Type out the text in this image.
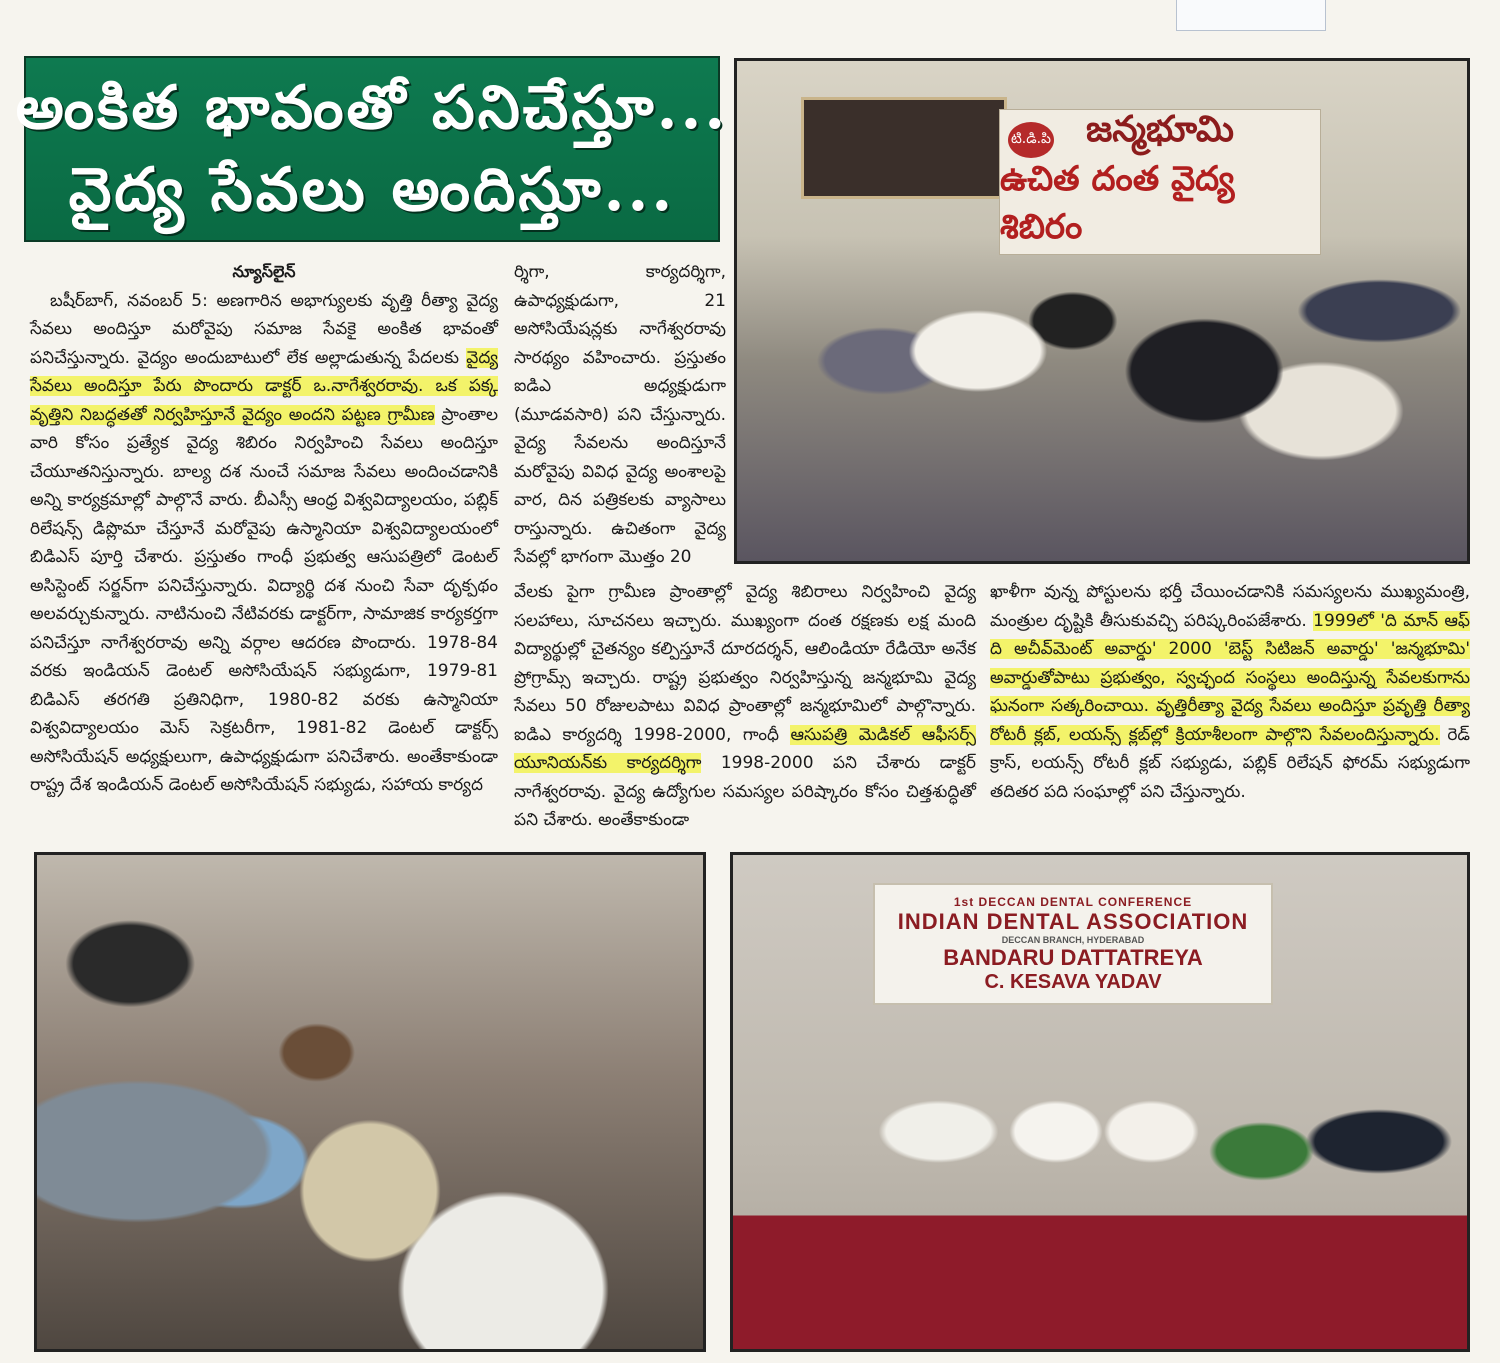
అంకిత భావంతో పనిచేస్తూ...
వైద్య సేవలు అందిస్తూ...
టి.డి.పి జన్మభూమి
ఉచిత దంత వైద్య శిబిరం
న్యూస్‌లైన్
బషీర్‌బాగ్, నవంబర్ 5: అణగారిన అభాగ్యులకు వృత్తి రీత్యా వైద్య సేవలు అందిస్తూ మరోవైపు సమాజ సేవకై అంకిత భావంతో పనిచేస్తున్నారు. వైద్యం అందుబాటులో లేక అల్లాడుతున్న పేదలకు వైద్య సేవలు అందిస్తూ పేరు పొందారు డాక్టర్ ఒ.నాగేశ్వరరావు. ఒక పక్క వృత్తిని నిబద్ధతతో నిర్వహిస్తూనే వైద్యం అందని పట్టణ గ్రామీణ ప్రాంతాల వారి కోసం ప్రత్యేక వైద్య శిబిరం నిర్వహించి సేవలు అందిస్తూ చేయూతనిస్తున్నారు. బాల్య దశ నుంచే సమాజ సేవలు అందించడానికి అన్ని కార్యక్రమాల్లో పాల్గొనే వారు. బీఎస్సీ ఆంధ్ర విశ్వవిద్యాలయం, పబ్లిక్ రిలేషన్స్ డిప్లొమా చేస్తూనే మరోవైపు ఉస్మానియా విశ్వవిద్యాలయంలో బిడిఎస్ పూర్తి చేశారు. ప్రస్తుతం గాంధీ ప్రభుత్వ ఆసుపత్రిలో డెంటల్ అసిస్టెంట్ సర్జన్‌గా పనిచేస్తున్నారు. విద్యార్థి దశ నుంచి సేవా దృక్పథం అలవర్చుకున్నారు. నాటినుంచి నేటివరకు డాక్టర్‌గా, సామాజిక కార్యకర్తగా పనిచేస్తూ నాగేశ్వరరావు అన్ని వర్గాల ఆదరణ పొందారు. 1978-84 వరకు ఇండియన్ డెంటల్ అసోసియేషన్ సభ్యుడుగా, 1979-81 బిడిఎస్ తరగతి ప్రతినిధిగా, 1980-82 వరకు ఉస్మానియా విశ్వవిద్యాలయం మెస్ సెక్రటరీగా, 1981-82 డెంటల్ డాక్టర్స్ అసోసియేషన్ అధ్యక్షులుగా, ఉపాధ్యక్షుడుగా పనిచేశారు. అంతేకాకుండా రాష్ట్ర దేశ ఇండియన్ డెంటల్ అసోసియేషన్ సభ్యుడు, సహాయ కార్యద
ర్శిగా, కార్యదర్శిగా, ఉపాధ్యక్షుడుగా, 21 అసోసియేషన్లకు నాగేశ్వరరావు సారథ్యం వహించారు. ప్రస్తుతం ఐడిఎ అధ్యక్షుడుగా (మూడవసారి) పని చేస్తున్నారు. వైద్య సేవలను అందిస్తూనే మరోవైపు వివిధ వైద్య అంశాలపై వార, దిన పత్రికలకు వ్యాసాలు రాస్తున్నారు. ఉచితంగా వైద్య సేవల్లో భాగంగా మొత్తం 20
వేలకు పైగా గ్రామీణ ప్రాంతాల్లో వైద్య శిబిరాలు నిర్వహించి వైద్య సలహాలు, సూచనలు ఇచ్చారు. ముఖ్యంగా దంత రక్షణకు లక్ష మంది విద్యార్థుల్లో చైతన్యం కల్పిస్తూనే దూరదర్శన్, ఆలిండియా రేడియో అనేక ప్రోగ్రామ్స్ ఇచ్చారు. రాష్ట్ర ప్రభుత్వం నిర్వహిస్తున్న జన్మభూమి వైద్య సేవలు 50 రోజులపాటు వివిధ ప్రాంతాల్లో జన్మభూమిలో పాల్గొన్నారు. ఐడిఎ కార్యదర్శి 1998-2000, గాంధీ ఆసుపత్రి మెడికల్ ఆఫీసర్స్ యూనియన్‌కు కార్యదర్శిగా 1998-2000 పని చేశారు డాక్టర్ నాగేశ్వరరావు. వైద్య ఉద్యోగుల సమస్యల పరిష్కారం కోసం చిత్తశుద్ధితో పని చేశారు. అంతేకాకుండా
ఖాళీగా వున్న పోస్టులను భర్తీ చేయించడానికి సమస్యలను ముఖ్యమంత్రి, మంత్రుల దృష్టికి తీసుకువచ్చి పరిష్కరింపజేశారు. 1999లో 'ది మాన్ ఆఫ్ ది అచీవ్‌మెంట్ అవార్డు' 2000 'బెస్ట్ సిటిజన్ అవార్డు' 'జన్మభూమి' అవార్డుతోపాటు ప్రభుత్వం, స్వచ్ఛంద సంస్థలు అందిస్తున్న సేవలకుగాను ఘనంగా సత్కరించాయి. వృత్తిరీత్యా వైద్య సేవలు అందిస్తూ ప్రవృత్తి రీత్యా రోటరీ క్లబ్, లయన్స్ క్లబ్‌ల్లో క్రియాశీలంగా పాల్గొని సేవలందిస్తున్నారు. రెడ్ క్రాస్, లయన్స్ రోటరీ క్లబ్ సభ్యుడు, పబ్లిక్ రిలేషన్ ఫోరమ్ సభ్యుడుగా తదితర పది సంఘాల్లో పని చేస్తున్నారు.
1st DECCAN DENTAL CONFERENCE
INDIAN DENTAL ASSOCIATION
DECCAN BRANCH, HYDERABAD
BANDARU DATTATREYA
C. KESAVA YADAV
